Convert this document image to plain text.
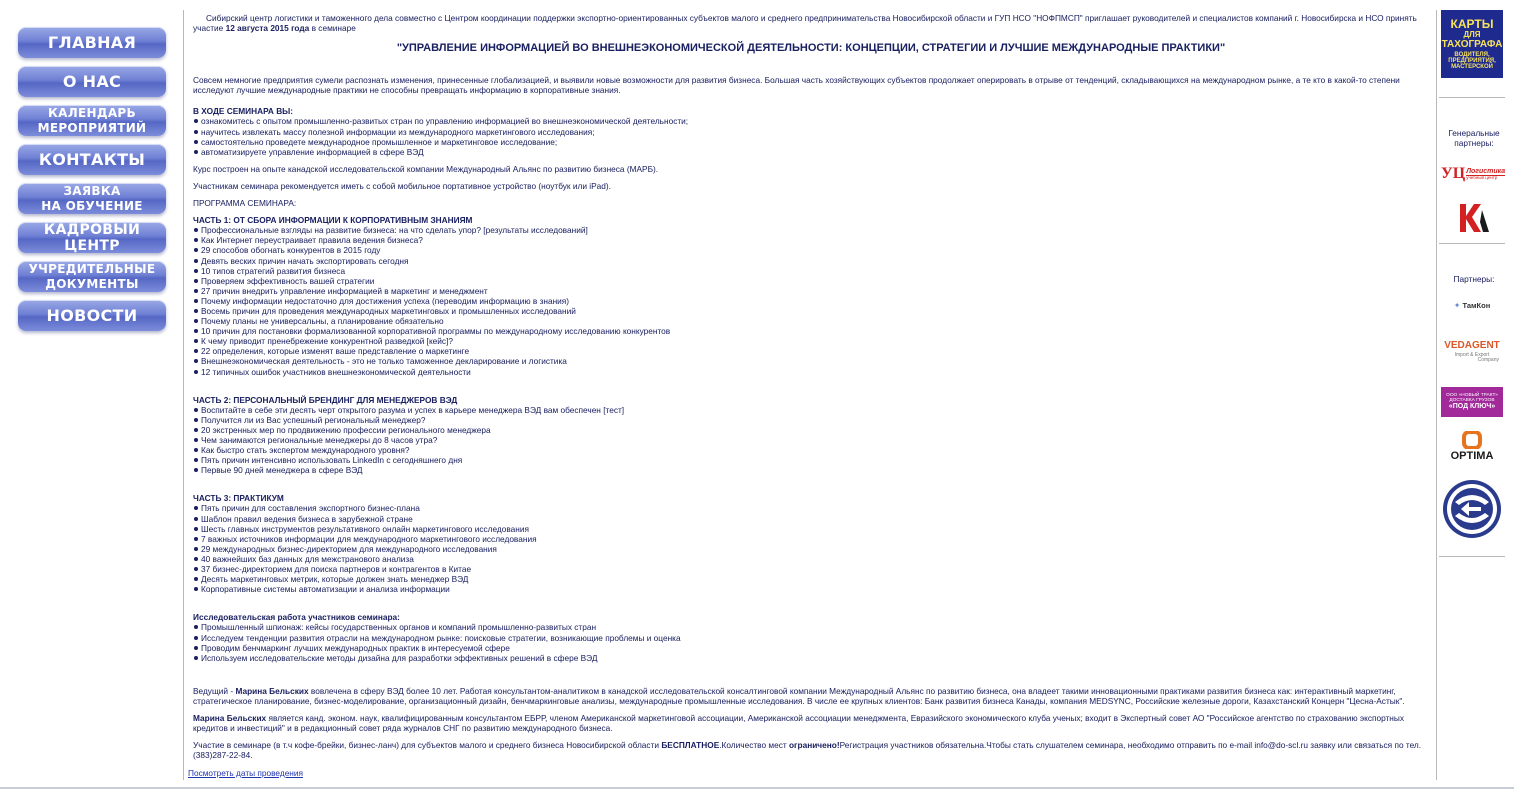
ГЛАВНАЯ
О НАС
КАЛЕНДАРЬ
МЕРОПРИЯТИЙ
КОНТАКТЫ
ЗАЯВКА
НА ОБУЧЕНИЕ
КАДРОВЫЙ ЦЕНТР
УЧРЕДИТЕЛЬНЫЕ
ДОКУМЕНТЫ
НОВОСТИ

Сибирский центр логистики и таможенного дела совместно с Центром координации поддержки экспортно-ориентированных субъектов малого и среднего предпринимательства Новосибирской области и ГУП НСО "НОФПМСП" приглашает руководителей и специалистов компаний г. Новосибирска и НСО принять участие 12 августа 2015 года в семинаре

"УПРАВЛЕНИЕ ИНФОРМАЦИЕЙ ВО ВНЕШНЕЭКОНОМИЧЕСКОЙ ДЕЯТЕЛЬНОСТИ: КОНЦЕПЦИИ, СТРАТЕГИИ И ЛУЧШИЕ МЕЖДУНАРОДНЫЕ ПРАКТИКИ"

Совсем немногие предприятия сумели распознать изменения, принесенные глобализацией, и выявили новые возможности для развития бизнеса. Большая часть хозяйствующих субъектов продолжает оперировать в отрыве от тенденций, складывающихся на международном рынке, а те кто в какой-то степени исследуют лучшие международные практики не способны превращать информацию в корпоративные знания.

В ХОДЕ СЕМИНАРА ВЫ:

ознакомитесь с опытом промышленно-развитых стран по управлению информацией во внешнеэкономической деятельности;
научитесь извлекать массу полезной информации из международного маркетингового исследования;
самостоятельно проведете международное промышленное и маркетинговое исследование;
автоматизируете управление информацией в сфере ВЭД

Курс построен на опыте канадской исследовательской компании Международный Альянс по развитию бизнеса (МАРБ).

Участникам семинара рекомендуется иметь с собой мобильное портативное устройство (ноутбук или iPad).

ПРОГРАММА СЕМИНАРА:

ЧАСТЬ 1: ОТ СБОРА ИНФОРМАЦИИ К КОРПОРАТИВНЫМ ЗНАНИЯМ

Профессиональные взгляды на развитие бизнеса: на что сделать упор? [результаты исследований]
Как Интернет переустраивает правила ведения бизнеса?
29 способов обогнать конкурентов в 2015 году
Девять веских причин начать экспортировать сегодня
10 типов стратегий развития бизнеса
Проверяем эффективность вашей стратегии
27 причин внедрить управление информацией в маркетинг и менеджмент
Почему информации недостаточно для достижения успеха (переводим информацию в знания)
Восемь причин для проведения международных маркетинговых и промышленных исследований
Почему планы не универсальны, а планирование обязательно
10 причин для постановки формализованной корпоративной программы по международному исследованию конкурентов
К чему приводит пренебрежение конкурентной разведкой [кейс]?
22 определения, которые изменят ваше представление о маркетинге
Внешнеэкономическая деятельность - это не только таможенное декларирование и логистика
12 типичных ошибок участников внешнеэкономической деятельности

ЧАСТЬ 2: ПЕРСОНАЛЬНЫЙ БРЕНДИНГ ДЛЯ МЕНЕДЖЕРОВ ВЭД

Воспитайте в себе эти десять черт открытого разума и успех в карьере менеджера ВЭД вам обеспечен [тест]
Получится ли из Вас успешный региональный менеджер?
20 экстренных мер по продвижению профессии регионального менеджера
Чем занимаются региональные менеджеры до 8 часов утра?
Как быстро стать экспертом международного уровня?
Пять причин интенсивно использовать LinkedIn с сегодняшнего дня
Первые 90 дней менеджера в сфере ВЭД

ЧАСТЬ 3: ПРАКТИКУМ

Пять причин для составления экспортного бизнес-плана
Шаблон правил ведения бизнеса в зарубежной стране
Шесть главных инструментов результативного онлайн маркетингового исследования
7 важных источников информации для международного маркетингового исследования
29 международных бизнес-директорием для международного исследования
40 важнейших баз данных для межстранового анализа
37 бизнес-директорием для поиска партнеров и контрагентов в Китае
Десять маркетинговых метрик, которые должен знать менеджер ВЭД
Корпоративные системы автоматизации и анализа информации

Исследовательская работа участников семинара:

Промышленный шпионаж: кейсы государственных органов и компаний промышленно-развитых стран
Исследуем тенденции развития отрасли на международном рынке: поисковые стратегии, возникающие проблемы и оценка
Проводим бенчмаркинг лучших международных практик в интересуемой сфере
Используем исследовательские методы дизайна для разработки эффективных решений в сфере ВЭД

Ведущий - Марина Бельских вовлечена в сферу ВЭД более 10 лет. Работая консультантом-аналитиком в канадской исследовательской консалтинговой компании Международный Альянс по развитию бизнеса, она владеет такими инновационными практиками развития бизнеса как: интерактивный маркетинг, стратегическое планирование, бизнес-моделирование, организационный дизайн, бенчмаркинговые анализы, международные промышленные исследования. В числе ее крупных клиентов: Банк развития бизнеса Канады, компания MEDSYNC, Российские железные дороги, Казахстанский Концерн "Цесна-Астык".

Марина Бельских является канд. эконом. наук, квалифицированным консультантом ЕБРР, членом Американской маркетинговой ассоциации, Американской ассоциации менеджмента, Евразийского экономического клуба ученых; входит в Экспертный совет АО "Российское агентство по страхованию экспортных кредитов и инвестиций" и в редакционный совет ряда журналов СНГ по развитию международного бизнеса.

Участие в семинаре (в т.ч кофе-брейки, бизнес-ланч) для субъектов малого и среднего бизнеса Новосибирской области БЕСПЛАТНОЕ.Количество мест ограничено!Регистрация участников обязательна.Чтобы стать слушателем семинара, необходимо отправить по e-mail info@do-scl.ru заявку или связаться по тел. (383)287-22-84.

Посмотреть даты проведения
КАРТЫ
ДЛЯ
ТАХОГРАФА
ВОДИТЕЛЯ,
ПРЕДПРИЯТИЯ,
МАСТЕРСКОЙ
Генеральные партнеры:
УЦ Логистика
учебный центр
Партнеры:
✦ ТамКон
VEDAGENT
Import & Export
Company
ООО «НОВЫЙ ТРАКТ»
ДОСТАВКА ГРУЗОВ
«ПОД КЛЮЧ»
OPTIMA
